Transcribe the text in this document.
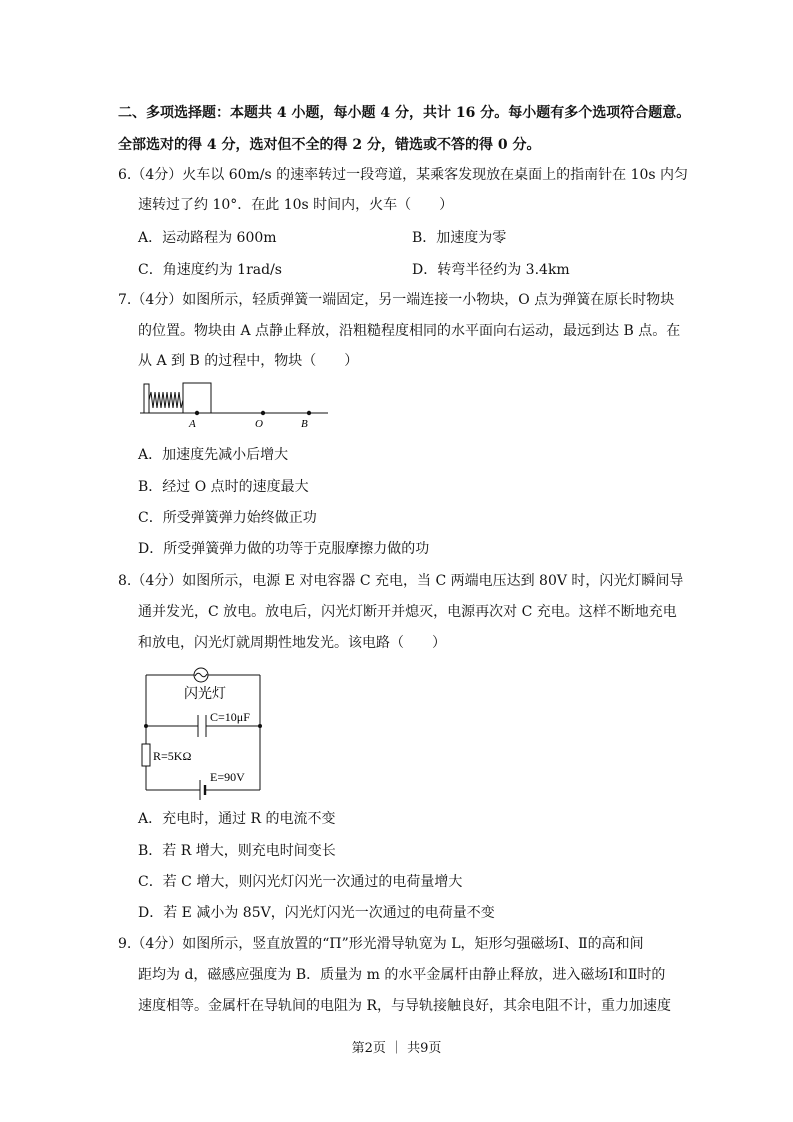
二、多项选择题：本题共 4 小题，每小题 4 分，共计 16 分。每小题有多个选项符合题意。
全部选对的得 4 分，选对但不全的得 2 分，错选或不答的得 0 分。
6.（4分）火车以 60m/s 的速率转过一段弯道，某乘客发现放在桌面上的指南针在 10s 内匀
速转过了约 10°．在此 10s 时间内，火车（　　）
A．运动路程为 600m	B．加速度为零
C．角速度约为 1rad/s	D．转弯半径约为 3.4km
7.（4分）如图所示，轻质弹簧一端固定，另一端连接一小物块，O 点为弹簧在原长时物块
的位置。物块由 A 点静止释放，沿粗糙程度相同的水平面向右运动，最远到达 B 点。在
从 A 到 B 的过程中，物块（　　）
A	O	B
A．加速度先减小后增大
B．经过 O 点时的速度最大
C．所受弹簧弹力始终做正功
D．所受弹簧弹力做的功等于克服摩擦力做的功
8.（4分）如图所示，电源 E 对电容器 C 充电，当 C 两端电压达到 80V 时，闪光灯瞬间导
通并发光，C 放电。放电后，闪光灯断开并熄灭，电源再次对 C 充电。这样不断地充电
和放电，闪光灯就周期性地发光。该电路（　　）
闪光灯
C=10μF
R=5KΩ
E=90V
A．充电时，通过 R 的电流不变
B．若 R 增大，则充电时间变长
C．若 C 增大，则闪光灯闪光一次通过的电荷量增大
D．若 E 减小为 85V，闪光灯闪光一次通过的电荷量不变
9.（4分）如图所示，竖直放置的“Π”形光滑导轨宽为 L，矩形匀强磁场Ⅰ、Ⅱ的高和间
距均为 d，磁感应强度为 B．质量为 m 的水平金属杆由静止释放，进入磁场Ⅰ和Ⅱ时的
速度相等。金属杆在导轨间的电阻为 R，与导轨接触良好，其余电阻不计，重力加速度
第2页 ｜ 共9页
